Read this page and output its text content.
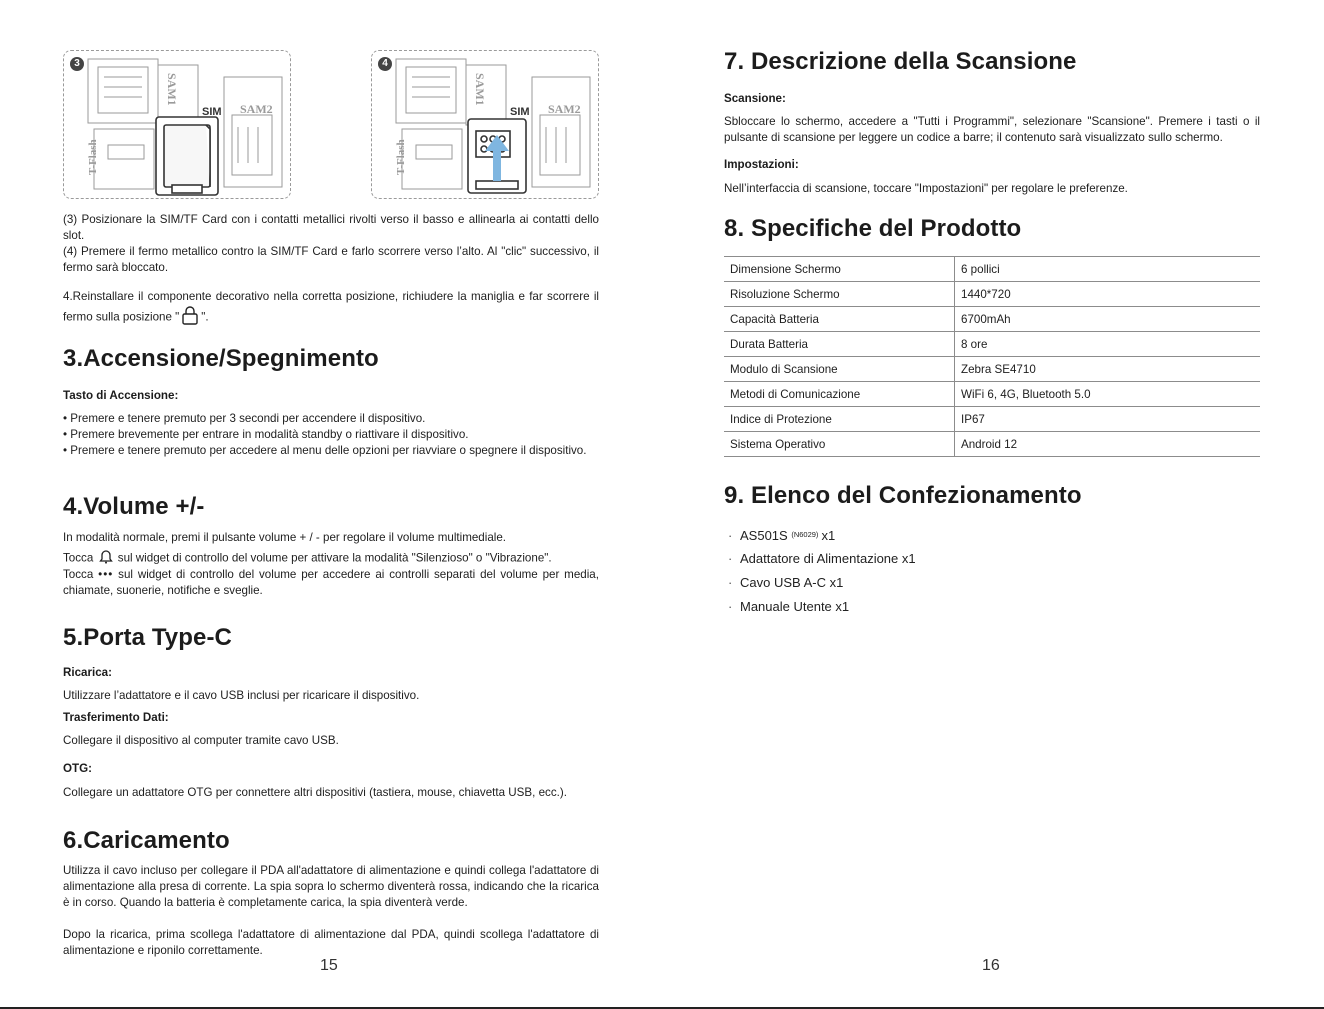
3
SIM SAM2
SAM1
T-Flash
4
SIM SAM2
SAM1
T-Flash
(3) Posizionare la SIM/TF Card con i contatti metallici rivolti verso il basso e allinearla ai contatti dello slot.
(4) Premere il fermo metallico contro la SIM/TF Card e farlo scorrere verso l’alto. Al "clic" successivo, il fermo sarà bloccato.
4.Reinstallare il componente decorativo nella corretta posizione, richiudere la maniglia e far scorrere il fermo sulla posizione " ".
3.Accensione/Spegnimento
Tasto di Accensione:
• Premere e tenere premuto per 3 secondi per accendere il dispositivo.
• Premere brevemente per entrare in modalità standby o riattivare il dispositivo.
• Premere e tenere premuto per accedere al menu delle opzioni per riavviare o spegnere il dispositivo.
4.Volume +/-
In modalità normale, premi il pulsante volume + / - per regolare il volume multimediale.
Tocca sul widget di controllo del volume per attivare la modalità "Silenzioso" o "Vibrazione".
Tocca ••• sul widget di controllo del volume per accedere ai controlli separati del volume per media, chiamate, suonerie, notifiche e sveglie.
5.Porta Type-C
Ricarica:
Utilizzare l’adattatore e il cavo USB inclusi per ricaricare il dispositivo.
Trasferimento Dati:
Collegare il dispositivo al computer tramite cavo USB.
OTG:
Collegare un adattatore OTG per connettere altri dispositivi (tastiera, mouse, chiavetta USB, ecc.).
6.Caricamento
Utilizza il cavo incluso per collegare il PDA all'adattatore di alimentazione e quindi collega l'adattatore di alimentazione alla presa di corrente. La spia sopra lo schermo diventerà rossa, indicando che la ricarica è in corso. Quando la batteria è completamente carica, la spia diventerà verde.
Dopo la ricarica, prima scollega l'adattatore di alimentazione dal PDA, quindi scollega l'adattatore di alimentazione e riponilo correttamente.
15
7. Descrizione della Scansione
Scansione:
Sbloccare lo schermo, accedere a "Tutti i Programmi", selezionare "Scansione". Premere i tasti o il pulsante di scansione per leggere un codice a barre; il contenuto sarà visualizzato sullo schermo.
Impostazioni:
Nell’interfaccia di scansione, toccare "Impostazioni" per regolare le preferenze.
8. Specifiche del Prodotto
Dimensione Schermo	6 pollici
Risoluzione Schermo	1440*720
Capacità Batteria	6700mAh
Durata Batteria	8 ore
Modulo di Scansione	Zebra SE4710
Metodi di Comunicazione	WiFi 6, 4G, Bluetooth 5.0
Indice di Protezione	IP67
Sistema Operativo	Android 12
9. Elenco del Confezionamento
· AS501S $^{(N6029)}$ x1
· Adattatore di Alimentazione x1
· Cavo USB A-C x1
· Manuale Utente x1
16
